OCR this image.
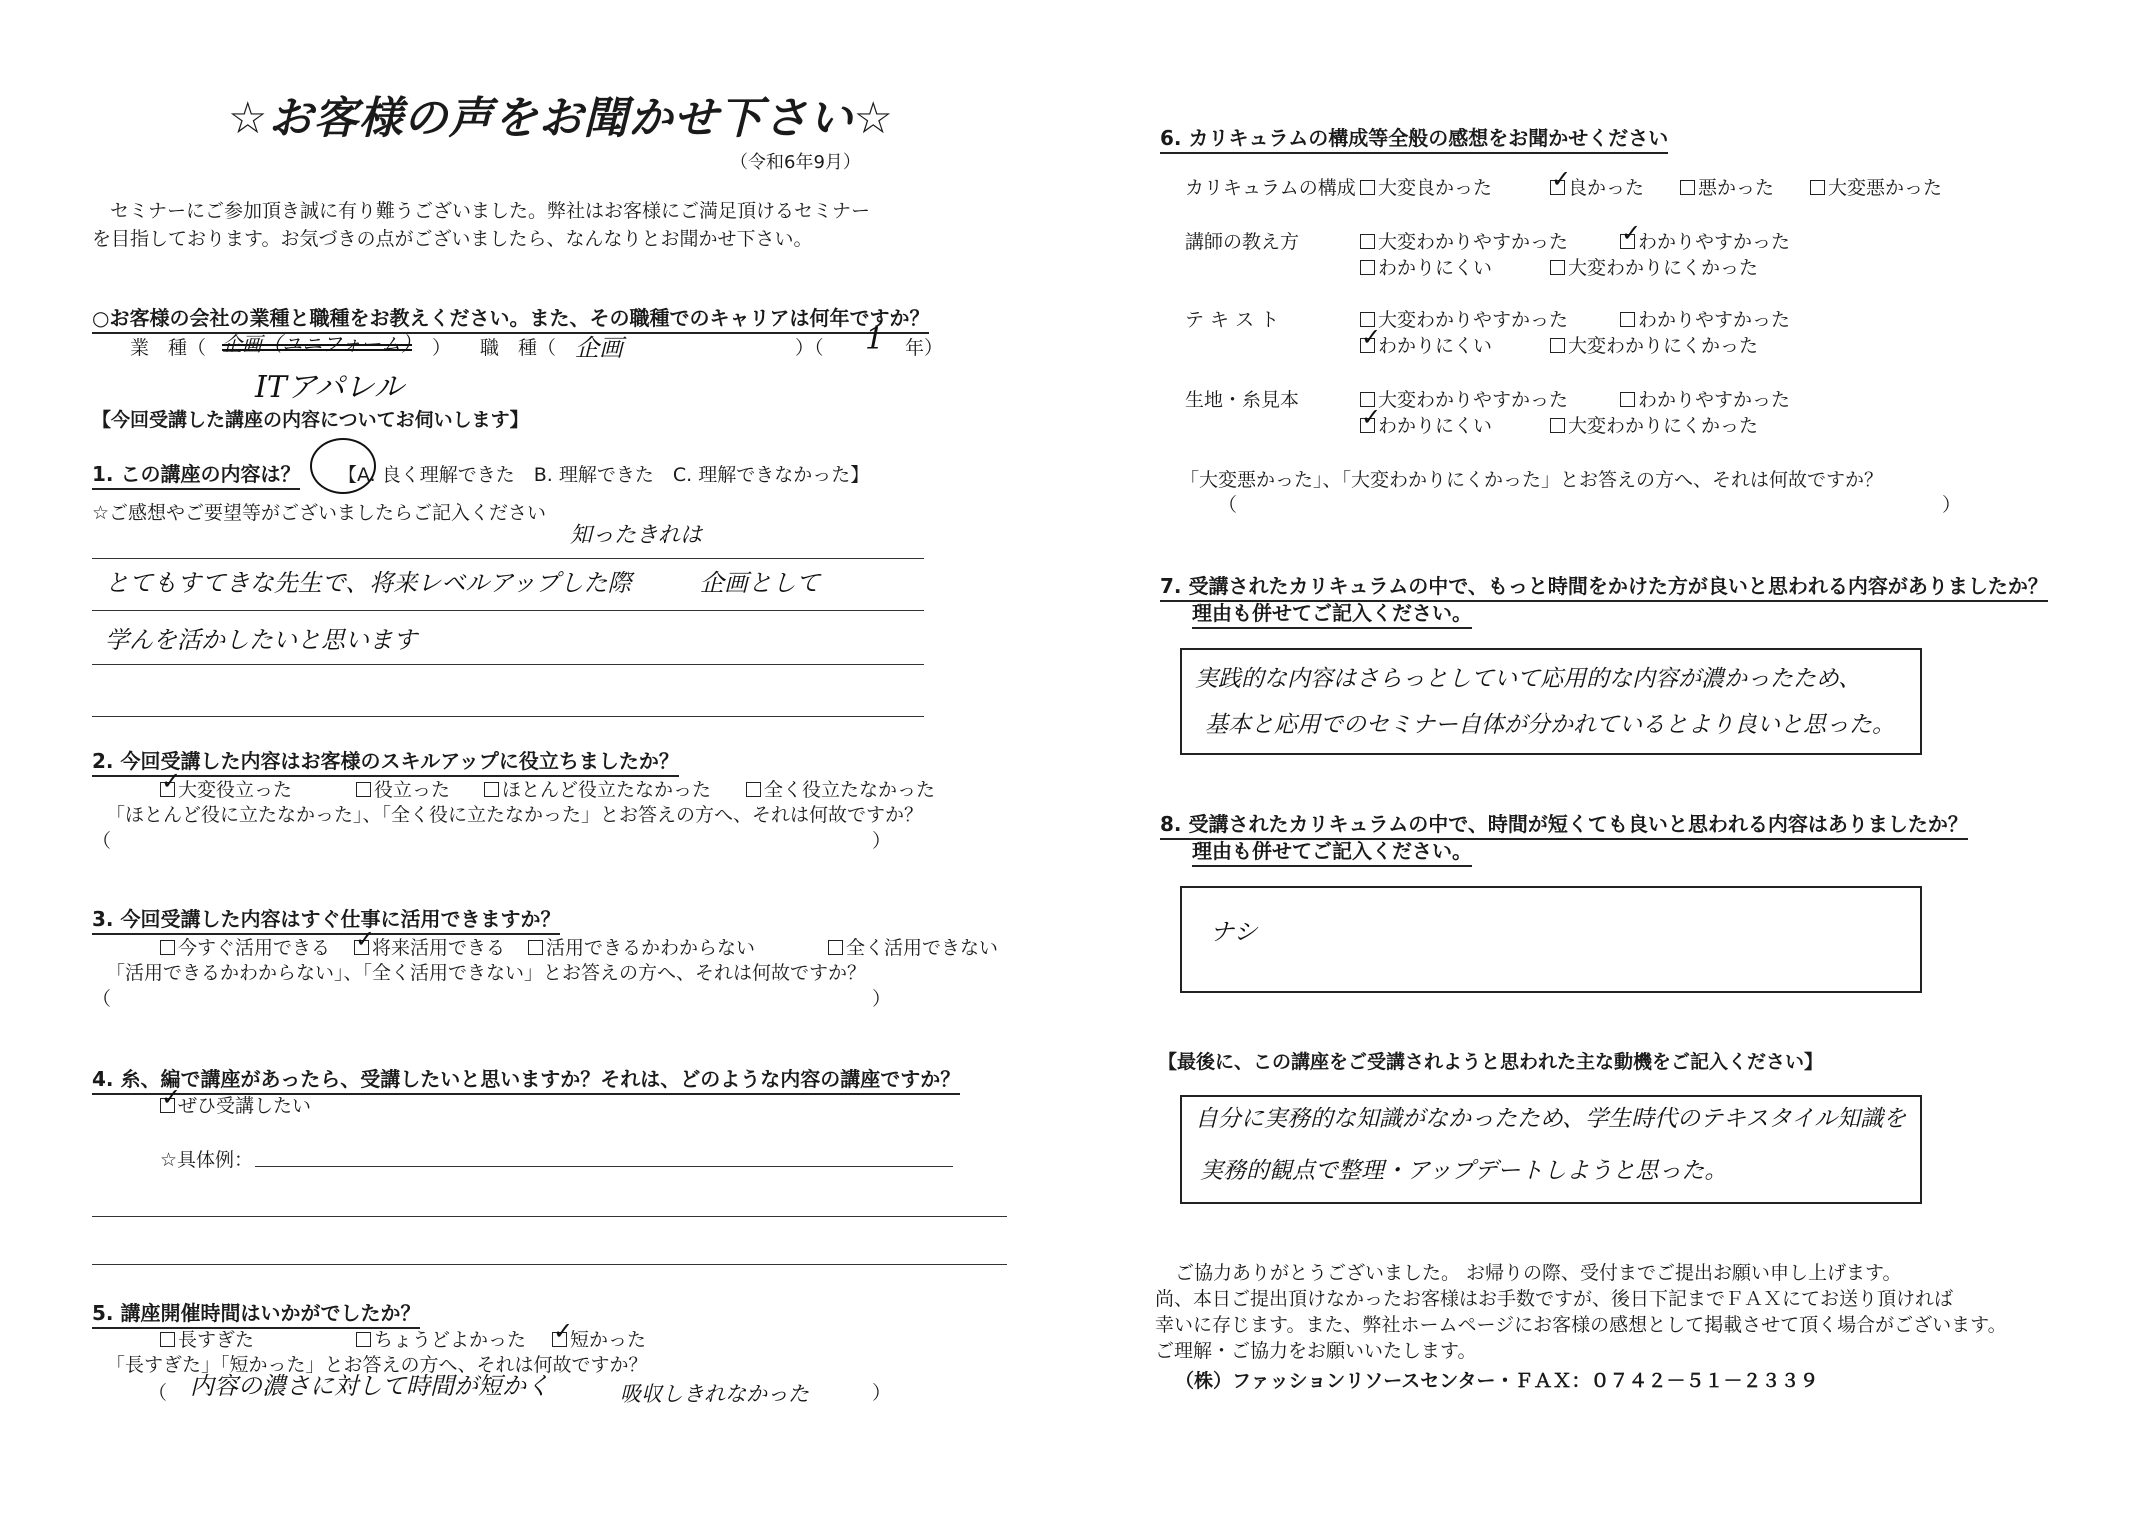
☆お客様の声をお聞かせ下さい☆
（令和6年9月）
セミナーにご参加頂き誠に有り難うございました。弊社はお客様にご満足頂けるセミナー
を目指しております。お気づきの点がございましたら、なんなりとお聞かせ下さい。
○お客様の会社の業種と職種をお教えください。また、その職種でのキャリアは何年ですか？
業　種（ 企画（ユニフォーム） ）
ITアパレル
職　種（ 企画	）（ 1 年）
【今回受講した講座の内容についてお伺いします】
1. この講座の内容は？ 【A. 良く理解できた　B. 理解できた　C. 理解できなかった】
☆ご感想やご要望等がございましたらご記入ください
知ったきれは
とてもすてきな先生で、将来レベルアップした際	企画として
学んを活かしたいと思います
2. 今回受講した内容はお客様のスキルアップに役立ちましたか？
✓大変役立った	役立った	ほとんど役立たなかった	全く役立たなかった
「ほとんど役に立たなかった」、「全く役に立たなかった」とお答えの方へ、それは何故ですか？
（	）
3. 今回受講した内容はすぐ仕事に活用できますか？
今すぐ活用できる ✓ 将来活用できる 活用できるかわからない	全く活用できない
「活用できるかわからない」、「全く活用できない」とお答えの方へ、それは何故ですか？
（	）
4. 糸、編で講座があったら、受講したいと思いますか？それは、どのような内容の講座ですか？
✓ぜひ受講したい
☆具体例：
5. 講座開催時間はいかがでしたか？
長すぎた	ちょうどよかった ✓ 短かった
「長すぎた」「短かった」とお答えの方へ、それは何故ですか？
（ 内容の濃さに対して時間が短かく	吸収しきれなかった	）
6. カリキュラムの構成等全般の感想をお聞かせください
カリキュラムの構成	大変良かった ✓	良かった	悪かった	大変悪かった
講師の教え方	大変わかりやすかった ✓	わかりやすかった
わかりにくい	大変わかりにくかった
テ キ ス ト	大変わかりやすかった	わかりやすかった
✓わかりにくい	大変わかりにくかった
生地・糸見本	大変わかりやすかった	わかりやすかった
✓わかりにくい	大変わかりにくかった
「大変悪かった」、「大変わかりにくかった」とお答えの方へ、それは何故ですか？
（	）
7. 受講されたカリキュラムの中で、もっと時間をかけた方が良いと思われる内容がありましたか？
理由も併せてご記入ください。
実践的な内容はさらっとしていて応用的な内容が濃かったため、
基本と応用でのセミナー自体が分かれているとより良いと思った。
8. 受講されたカリキュラムの中で、時間が短くても良いと思われる内容はありましたか？
理由も併せてご記入ください。
ナシ
【最後に、この講座をご受講されようと思われた主な動機をご記入ください】
自分に実務的な知識がなかったため、学生時代のテキスタイル知識を
実務的観点で整理・アップデートしようと思った。
ご協力ありがとうございました。 お帰りの際、受付までご提出お願い申し上げます。
尚、本日ご提出頂けなかったお客様はお手数ですが、後日下記までＦＡＸにてお送り頂ければ
幸いに存じます。また、弊社ホームページにお客様の感想として掲載させて頂く場合がございます。
ご理解・ご協力をお願いいたします。
（株）ファッションリソースセンター・ＦＡＸ：０７４２－５１－２３３９
